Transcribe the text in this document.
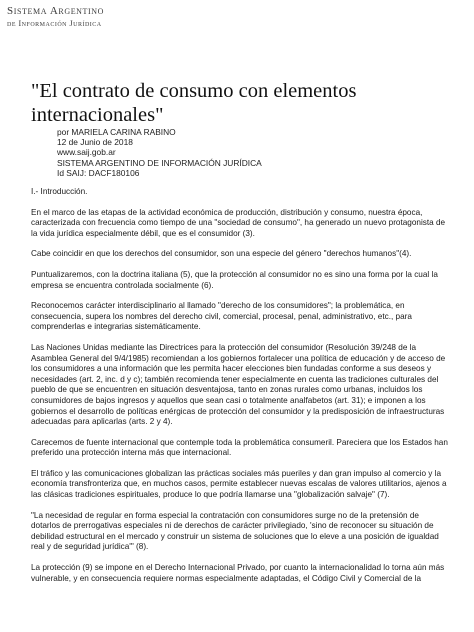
Sistema Argentino
de Información Jurídica
"El contrato de consumo con elementos internacionales"
por MARIELA CARINA RABINO
12 de Junio de 2018
www.saij.gob.ar
SISTEMA ARGENTINO DE INFORMACIÓN JURÍDICA
Id SAIJ: DACF180106

I.- Introducción.

En el marco de las etapas de la actividad económica de producción, distribución y consumo, nuestra época, caracterizada con frecuencia como tiempo de una "sociedad de consumo", ha generado un nuevo protagonista de la vida jurídica especialmente débil, que es el consumidor (3).

Cabe coincidir en que los derechos del consumidor, son una especie del género "derechos humanos"(4).

Puntualizaremos, con la doctrina italiana (5), que la protección al consumidor no es sino una forma por la cual la empresa se encuentra controlada socialmente (6).

Reconocemos carácter interdisciplinario al llamado "derecho de los consumidores"; la problemática, en consecuencia, supera los nombres del derecho civil, comercial, procesal, penal, administrativo, etc., para comprenderlas e integrarias sistemáticamente.

Las Naciones Unidas mediante las Directrices para la protección del consumidor (Resolución 39/248 de la Asamblea General del 9/4/1985) recomiendan a los gobiernos fortalecer una política de educación y de acceso de los consumidores a una información que les permita hacer elecciones bien fundadas conforme a sus deseos y necesidades (art. 2, inc. d y c); también recomienda tener especialmente en cuenta las tradiciones culturales del pueblo de que se encuentren en situación desventajosa, tanto en zonas rurales como urbanas, incluidos los consumidores de bajos ingresos y aquellos que sean casi o totalmente analfabetos (art. 31); e imponen a los gobiernos el desarrollo de políticas enérgicas de protección del consumidor y la predisposición de infraestructuras adecuadas para aplicarlas (arts. 2 y 4).

Carecemos de fuente internacional que contemple toda la problemática consumeril. Pareciera que los Estados han preferido una protección interna más que internacional.

El tráfico y las comunicaciones globalizan las prácticas sociales más pueriles y dan gran impulso al comercio y la economía transfronteriza que, en muchos casos, permite establecer nuevas escalas de valores utilitarios, ajenos a las clásicas tradiciones espirituales, produce lo que podría llamarse una "globalización salvaje" (7).

"La necesidad de regular en forma especial la contratación con consumidores surge no de la pretensión de dotarlos de prerrogativas especiales ni de derechos de carácter privilegiado, 'sino de reconocer su situación de debilidad estructural en el mercado y construir un sistema de soluciones que lo eleve a una posición de igualdad real y de seguridad jurídica'" (8).

La protección (9) se impone en el Derecho Internacional Privado, por cuanto la internacionalidad lo torna aún más vulnerable, y en consecuencia requiere normas especialmente adaptadas, el Código Civil y Comercial de la
